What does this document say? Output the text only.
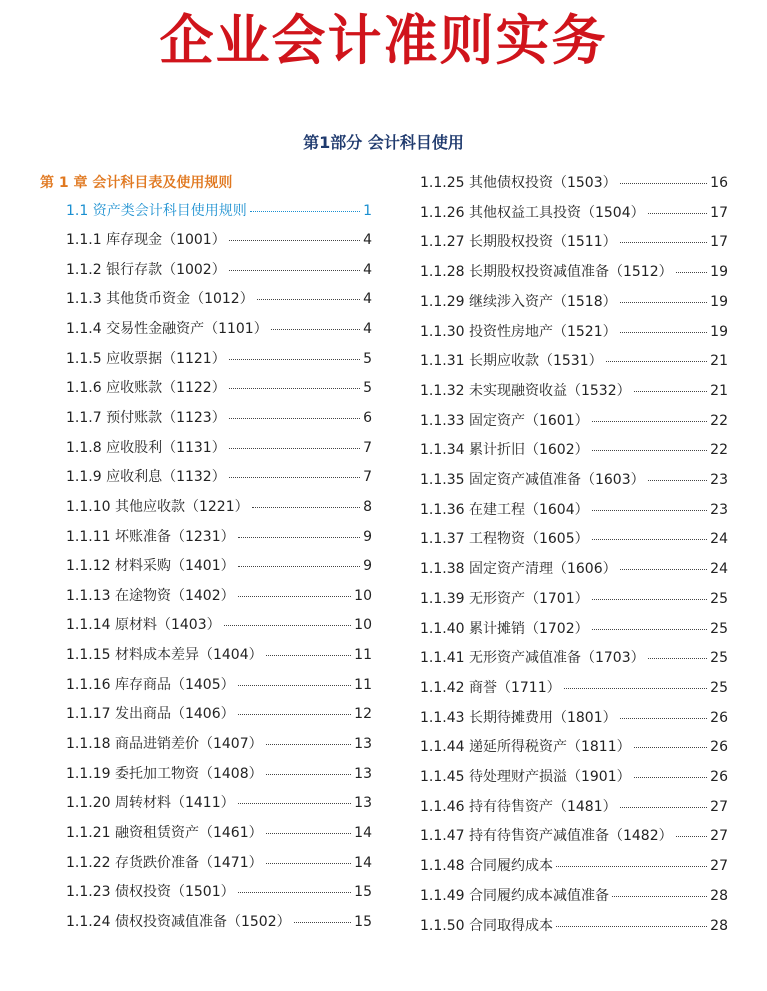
企业会计准则实务
第1部分 会计科目使用
第 1 章 会计科目表及使用规则
1.1 资产类会计科目使用规则	1
1.1.1 库存现金（1001）	4
1.1.2 银行存款（1002）	4
1.1.3 其他货币资金（1012）	4
1.1.4 交易性金融资产（1101）	4
1.1.5 应收票据（1121）	5
1.1.6 应收账款（1122）	5
1.1.7 预付账款（1123）	6
1.1.8 应收股利（1131）	7
1.1.9 应收利息（1132）	7
1.1.10 其他应收款（1221）	8
1.1.11 坏账准备（1231）	9
1.1.12 材料采购（1401）	9
1.1.13 在途物资（1402）	10
1.1.14 原材料（1403）	10
1.1.15 材料成本差异（1404）	11
1.1.16 库存商品（1405）	11
1.1.17 发出商品（1406）	12
1.1.18 商品进销差价（1407）	13
1.1.19 委托加工物资（1408）	13
1.1.20 周转材料（1411）	13
1.1.21 融资租赁资产（1461）	14
1.1.22 存货跌价准备（1471）	14
1.1.23 债权投资（1501）	15
1.1.24 债权投资减值准备（1502）	15
1.1.25 其他债权投资（1503）	16
1.1.26 其他权益工具投资（1504）	17
1.1.27 长期股权投资（1511）	17
1.1.28 长期股权投资减值准备（1512）	19
1.1.29 继续涉入资产（1518）	19
1.1.30 投资性房地产（1521）	19
1.1.31 长期应收款（1531）	21
1.1.32 未实现融资收益（1532）	21
1.1.33 固定资产（1601）	22
1.1.34 累计折旧（1602）	22
1.1.35 固定资产减值准备（1603）	23
1.1.36 在建工程（1604）	23
1.1.37 工程物资（1605）	24
1.1.38 固定资产清理（1606）	24
1.1.39 无形资产（1701）	25
1.1.40 累计摊销（1702）	25
1.1.41 无形资产减值准备（1703）	25
1.1.42 商誉（1711）	25
1.1.43 长期待摊费用（1801）	26
1.1.44 递延所得税资产（1811）	26
1.1.45 待处理财产损溢（1901）	26
1.1.46 持有待售资产（1481）	27
1.1.47 持有待售资产减值准备（1482）	27
1.1.48 合同履约成本	27
1.1.49 合同履约成本减值准备	28
1.1.50 合同取得成本	28
